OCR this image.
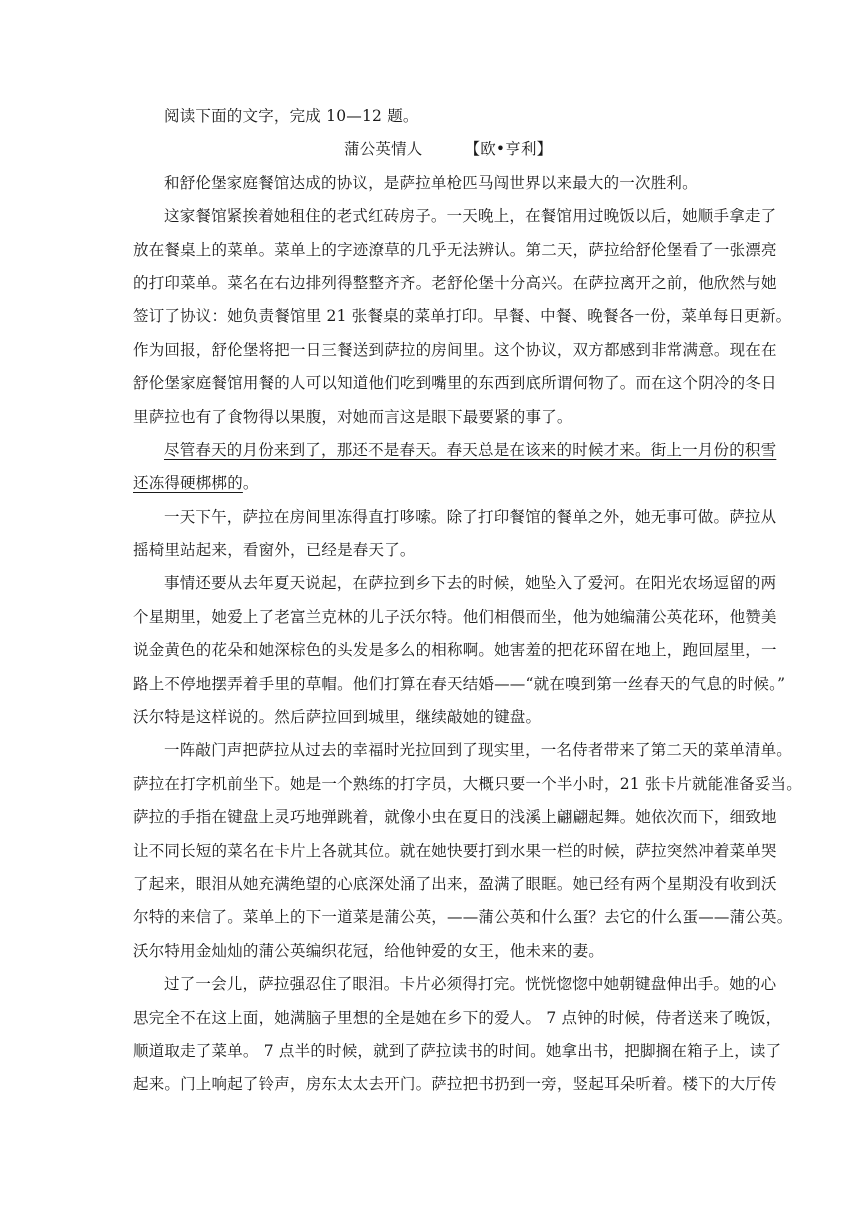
阅读下面的文字，完成 10—12 题。
蒲公英情人	【欧•亨利】
和舒伦堡家庭餐馆达成的协议，是萨拉单枪匹马闯世界以来最大的一次胜利。
这家餐馆紧挨着她租住的老式红砖房子。一天晚上，在餐馆用过晚饭以后，她顺手拿走了
放在餐桌上的菜单。菜单上的字迹潦草的几乎无法辨认。第二天，萨拉给舒伦堡看了一张漂亮
的打印菜单。菜名在右边排列得整整齐齐。老舒伦堡十分高兴。在萨拉离开之前，他欣然与她
签订了协议：她负责餐馆里 21 张餐桌的菜单打印。早餐、中餐、晚餐各一份，菜单每日更新。
作为回报，舒伦堡将把一日三餐送到萨拉的房间里。这个协议，双方都感到非常满意。现在在
舒伦堡家庭餐馆用餐的人可以知道他们吃到嘴里的东西到底所谓何物了。而在这个阴冷的冬日
里萨拉也有了食物得以果腹，对她而言这是眼下最要紧的事了。
尽管春天的月份来到了，那还不是春天。春天总是在该来的时候才来。街上一月份的积雪
还冻得硬梆梆的。
一天下午，萨拉在房间里冻得直打哆嗦。除了打印餐馆的餐单之外，她无事可做。萨拉从
摇椅里站起来，看窗外，已经是春天了。
事情还要从去年夏天说起，在萨拉到乡下去的时候，她坠入了爱河。在阳光农场逗留的两
个星期里，她爱上了老富兰克林的儿子沃尔特。他们相偎而坐，他为她编蒲公英花环，他赞美
说金黄色的花朵和她深棕色的头发是多么的相称啊。她害羞的把花环留在地上，跑回屋里，一
路上不停地摆弄着手里的草帽。他们打算在春天结婚——“就在嗅到第一丝春天的气息的时候。”
沃尔特是这样说的。然后萨拉回到城里，继续敲她的键盘。
一阵敲门声把萨拉从过去的幸福时光拉回到了现实里，一名侍者带来了第二天的菜单清单。
萨拉在打字机前坐下。她是一个熟练的打字员，大概只要一个半小时，21 张卡片就能准备妥当。
萨拉的手指在键盘上灵巧地弹跳着，就像小虫在夏日的浅溪上翩翩起舞。她依次而下，细致地
让不同长短的菜名在卡片上各就其位。就在她快要打到水果一栏的时候，萨拉突然冲着菜单哭
了起来，眼泪从她充满绝望的心底深处涌了出来，盈满了眼眶。她已经有两个星期没有收到沃
尔特的来信了。菜单上的下一道菜是蒲公英，——蒲公英和什么蛋？去它的什么蛋——蒲公英。
沃尔特用金灿灿的蒲公英编织花冠，给他钟爱的女王，他未来的妻。
过了一会儿，萨拉强忍住了眼泪。卡片必须得打完。恍恍惚惚中她朝键盘伸出手。她的心
思完全不在这上面，她满脑子里想的全是她在乡下的爱人。 7 点钟的时候，侍者送来了晚饭，
顺道取走了菜单。 7 点半的时候，就到了萨拉读书的时间。她拿出书，把脚搁在箱子上，读了
起来。门上响起了铃声，房东太太去开门。萨拉把书扔到一旁，竖起耳朵听着。楼下的大厅传
